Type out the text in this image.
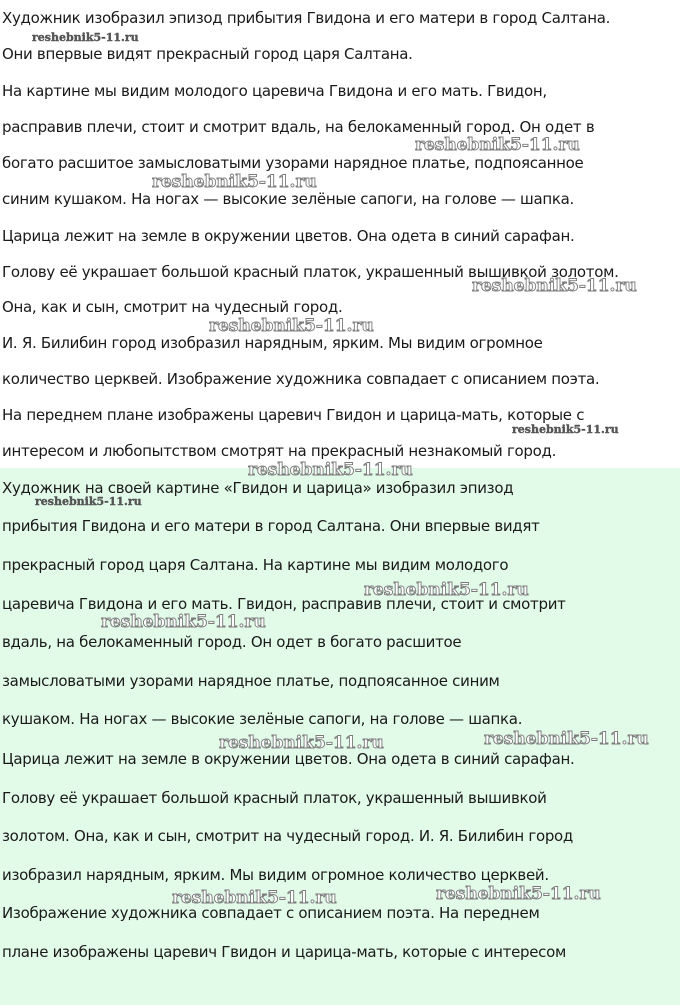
Художник изобразил эпизод прибытия Гвидона и его матери в город Салтана.
Они впервые видят прекрасный город царя Салтана.
На картине мы видим молодого царевича Гвидона и его мать. Гвидон,
расправив плечи, стоит и смотрит вдаль, на белокаменный город. Он одет в
богато расшитое замысловатыми узорами нарядное платье, подпоясанное
синим кушаком. На ногах — высокие зелёные сапоги, на голове — шапка.
Царица лежит на земле в окружении цветов. Она одета в синий сарафан.
Голову её украшает большой красный платок, украшенный вышивкой золотом.
Она, как и сын, смотрит на чудесный город.
И. Я. Билибин город изобразил нарядным, ярким. Мы видим огромное
количество церквей. Изображение художника совпадает с описанием поэта.
На переднем плане изображены царевич Гвидон и царица-мать, которые с
интересом и любопытством смотрят на прекрасный незнакомый город.
Художник на своей картине «Гвидон и царица» изобразил эпизод
прибытия Гвидона и его матери в город Салтана. Они впервые видят
прекрасный город царя Салтана. На картине мы видим молодого
царевича Гвидона и его мать. Гвидон, расправив плечи, стоит и смотрит
вдаль, на белокаменный город. Он одет в богато расшитое
замысловатыми узорами нарядное платье, подпоясанное синим
кушаком. На ногах — высокие зелёные сапоги, на голове — шапка.
Царица лежит на земле в окружении цветов. Она одета в синий сарафан.
Голову её украшает большой красный платок, украшенный вышивкой
золотом. Она, как и сын, смотрит на чудесный город. И. Я. Билибин город
изобразил нарядным, ярким. Мы видим огромное количество церквей.
Изображение художника совпадает с описанием поэта. На переднем
плане изображены царевич Гвидон и царица-мать, которые с интересом
reshebnik5-11.ru
reshebnik5-11.ru
reshebnik5-11.ru
reshebnik5-11.ru
reshebnik5-11.ru
reshebnik5-11.ru
reshebnik5-11.ru
reshebnik5-11.ru
reshebnik5-11.ru
reshebnik5-11.ru
reshebnik5-11.ru
reshebnik5-11.ru
reshebnik5-11.ru
reshebnik5-11.ru
